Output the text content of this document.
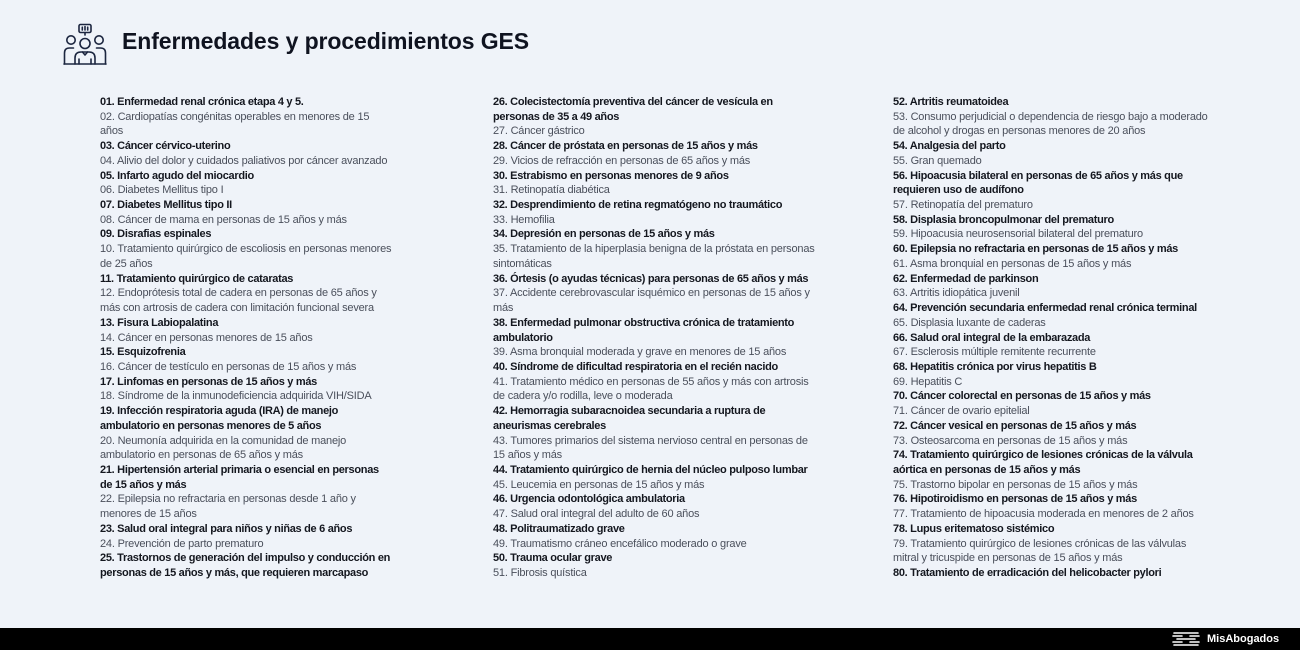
Enfermedades y procedimientos GES
01. Enfermedad renal crónica etapa 4 y 5.
02. Cardiopatías congénitas operables en menores de 15 años
03. Cáncer cérvico-uterino
04. Alivio del dolor y cuidados paliativos por cáncer avanzado
05. Infarto agudo del miocardio
06. Diabetes Mellitus tipo I
07. Diabetes Mellitus tipo II
08. Cáncer de mama en personas de 15 años y más
09. Disrafias espinales
10. Tratamiento quirúrgico de escoliosis en personas menores de 25 años
11. Tratamiento quirúrgico de cataratas
12. Endoprótesis total de cadera en personas de 65 años y más con artrosis de cadera con limitación funcional severa
13. Fisura Labiopalatina
14. Cáncer en personas menores de 15 años
15. Esquizofrenia
16. Cáncer de testículo en personas de 15 años y más
17. Linfomas en personas de 15 años y más
18. Síndrome de la inmunodeficiencia adquirida VIH/SIDA
19. Infección respiratoria aguda (IRA) de manejo ambulatorio en personas menores de 5 años
20. Neumonía adquirida en la comunidad de manejo ambulatorio en personas de 65 años y más
21. Hipertensión arterial primaria o esencial en personas de 15 años y más
22. Epilepsia no refractaria en personas desde 1 año y menores de 15 años
23. Salud oral integral para niños y niñas de 6 años
24. Prevención de parto prematuro
25. Trastornos de generación del impulso y conducción en personas de 15 años y más, que requieren marcapaso
26. Colecistectomía preventiva del cáncer de vesícula en personas de 35 a 49 años
27. Cáncer gástrico
28. Cáncer de próstata en personas de 15 años y más
29. Vicios de refracción en personas de 65 años y más
30. Estrabismo en personas menores de 9 años
31. Retinopatía diabética
32. Desprendimiento de retina regmatógeno no traumático
33. Hemofilia
34. Depresión en personas de 15 años y más
35. Tratamiento de la hiperplasia benigna de la próstata en personas sintomáticas
36. Órtesis (o ayudas técnicas) para personas de 65 años y más
37. Accidente cerebrovascular isquémico en personas de 15 años y más
38. Enfermedad pulmonar obstructiva crónica de tratamiento ambulatorio
39. Asma bronquial moderada y grave en menores de 15 años
40. Síndrome de dificultad respiratoria en el recién nacido
41. Tratamiento médico en personas de 55 años y más con artrosis de cadera y/o rodilla, leve o moderada
42. Hemorragia subaracnoidea secundaria a ruptura de aneurismas cerebrales
43. Tumores primarios del sistema nervioso central en personas de 15 años y más
44. Tratamiento quirúrgico de hernia del núcleo pulposo lumbar
45. Leucemia en personas de 15 años y más
46. Urgencia odontológica ambulatoria
47. Salud oral integral del adulto de 60 años
48. Politraumatizado grave
49. Traumatismo cráneo encefálico moderado o grave
50. Trauma ocular grave
51. Fibrosis quística
52. Artritis reumatoidea
53. Consumo perjudicial o dependencia de riesgo bajo a moderado de alcohol y drogas en personas menores de 20 años
54. Analgesia del parto
55. Gran quemado
56. Hipoacusia bilateral en personas de 65 años y más que requieren uso de audífono
57. Retinopatía del prematuro
58. Displasia broncopulmonar del prematuro
59. Hipoacusia neurosensorial bilateral del prematuro
60. Epilepsia no refractaria en personas de 15 años y más
61. Asma bronquial en personas de 15 años y más
62. Enfermedad de parkinson
63. Artritis idiopática juvenil
64. Prevención secundaria enfermedad renal crónica terminal
65. Displasia luxante de caderas
66. Salud oral integral de la embarazada
67. Esclerosis múltiple remitente recurrente
68. Hepatitis crónica por virus hepatitis B
69. Hepatitis C
70. Cáncer colorectal en personas de 15 años y más
71. Cáncer de ovario epitelial
72. Cáncer vesical en personas de 15 años y más
73. Osteosarcoma en personas de 15 años y más
74. Tratamiento quirúrgico de lesiones crónicas de la válvula aórtica en personas de 15 años y más
75. Trastorno bipolar en personas de 15 años y más
76. Hipotiroidismo en personas de 15 años y más
77. Tratamiento de hipoacusia moderada en menores de 2 años
78. Lupus eritematoso sistémico
79. Tratamiento quirúrgico de lesiones crónicas de las válvulas mitral y tricuspide en personas de 15 años y más
80. Tratamiento de erradicación del helicobacter pylori
MisAbogados
